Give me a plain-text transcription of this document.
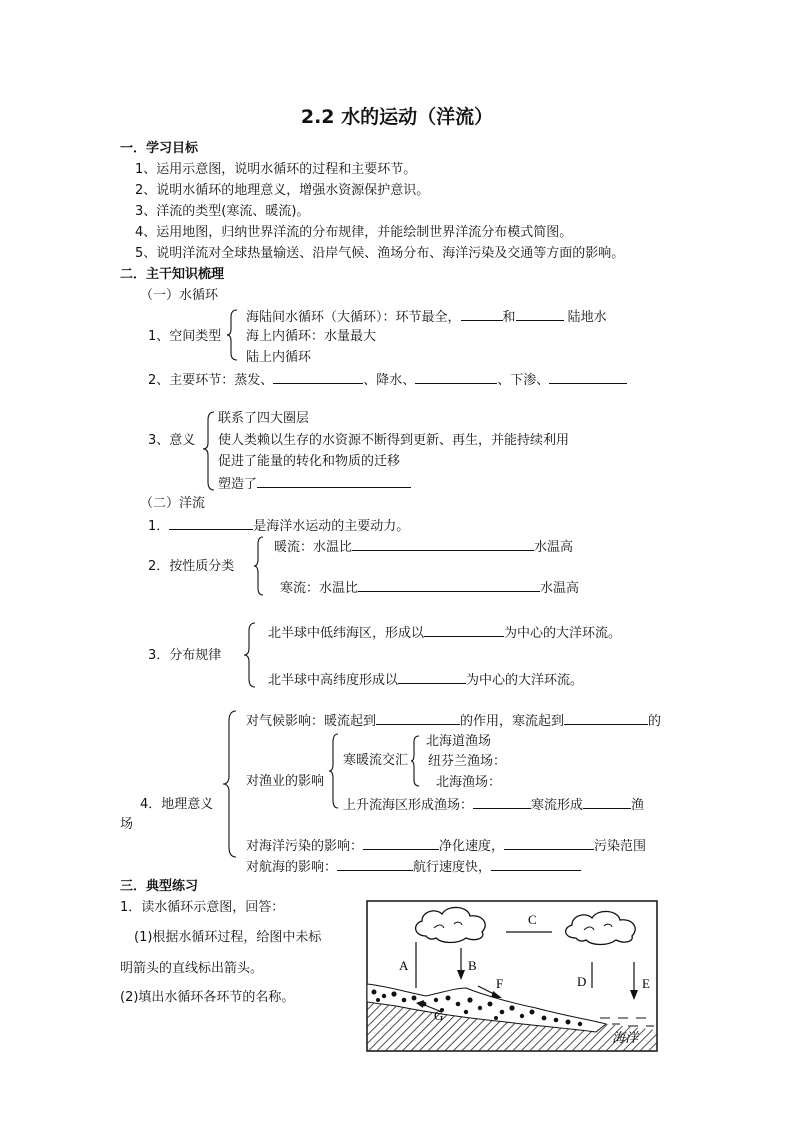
2.2 水的运动（洋流）
一．学习目标
1、运用示意图，说明水循环的过程和主要环节。
2、说明水循环的地理意义，增强水资源保护意识。
3、洋流的类型(寒流、暖流)。
4、运用地图，归纳世界洋流的分布规律，并能绘制世界洋流分布模式简图。
5、说明洋流对全球热量输送、沿岸气候、渔场分布、海洋污染及交通等方面的影响。
二．主干知识梳理
（一）水循环
1、空间类型
海陆间水循环（大循环）：环节最全，	和	陆地水
海上内循环：水量最大
陆上内循环
2、主要环节：蒸发、	、降水、	、下渗、
3、意义
联系了四大圈层
使人类赖以生存的水资源不断得到更新、再生，并能持续利用
促进了能量的转化和物质的迁移
塑造了
（二）洋流
1．	是海洋水运动的主要动力。
2．按性质分类
暖流：水温比	水温高
寒流：水温比	水温高
3．分布规律
北半球中低纬海区，形成以	为中心的大洋环流。
北半球中高纬度形成以	为中心的大洋环流。
4．地理意义
场
对气候影响：暖流起到	的作用，寒流起到	的
对渔业的影响
寒暖流交汇
北海道渔场
纽芬兰渔场：
北海渔场：
上升流海区形成渔场：	寒流形成	渔
对海洋污染的影响：	净化速度，	污染范围
对航海的影响：	航行速度快，
三．典型练习
1．读水循环示意图，回答：
(1)根据水循环过程，给图中未标
明箭头的直线标出箭头。
(2)填出水循环各环节的名称。
C
A	B
D	E
F
G
海洋
